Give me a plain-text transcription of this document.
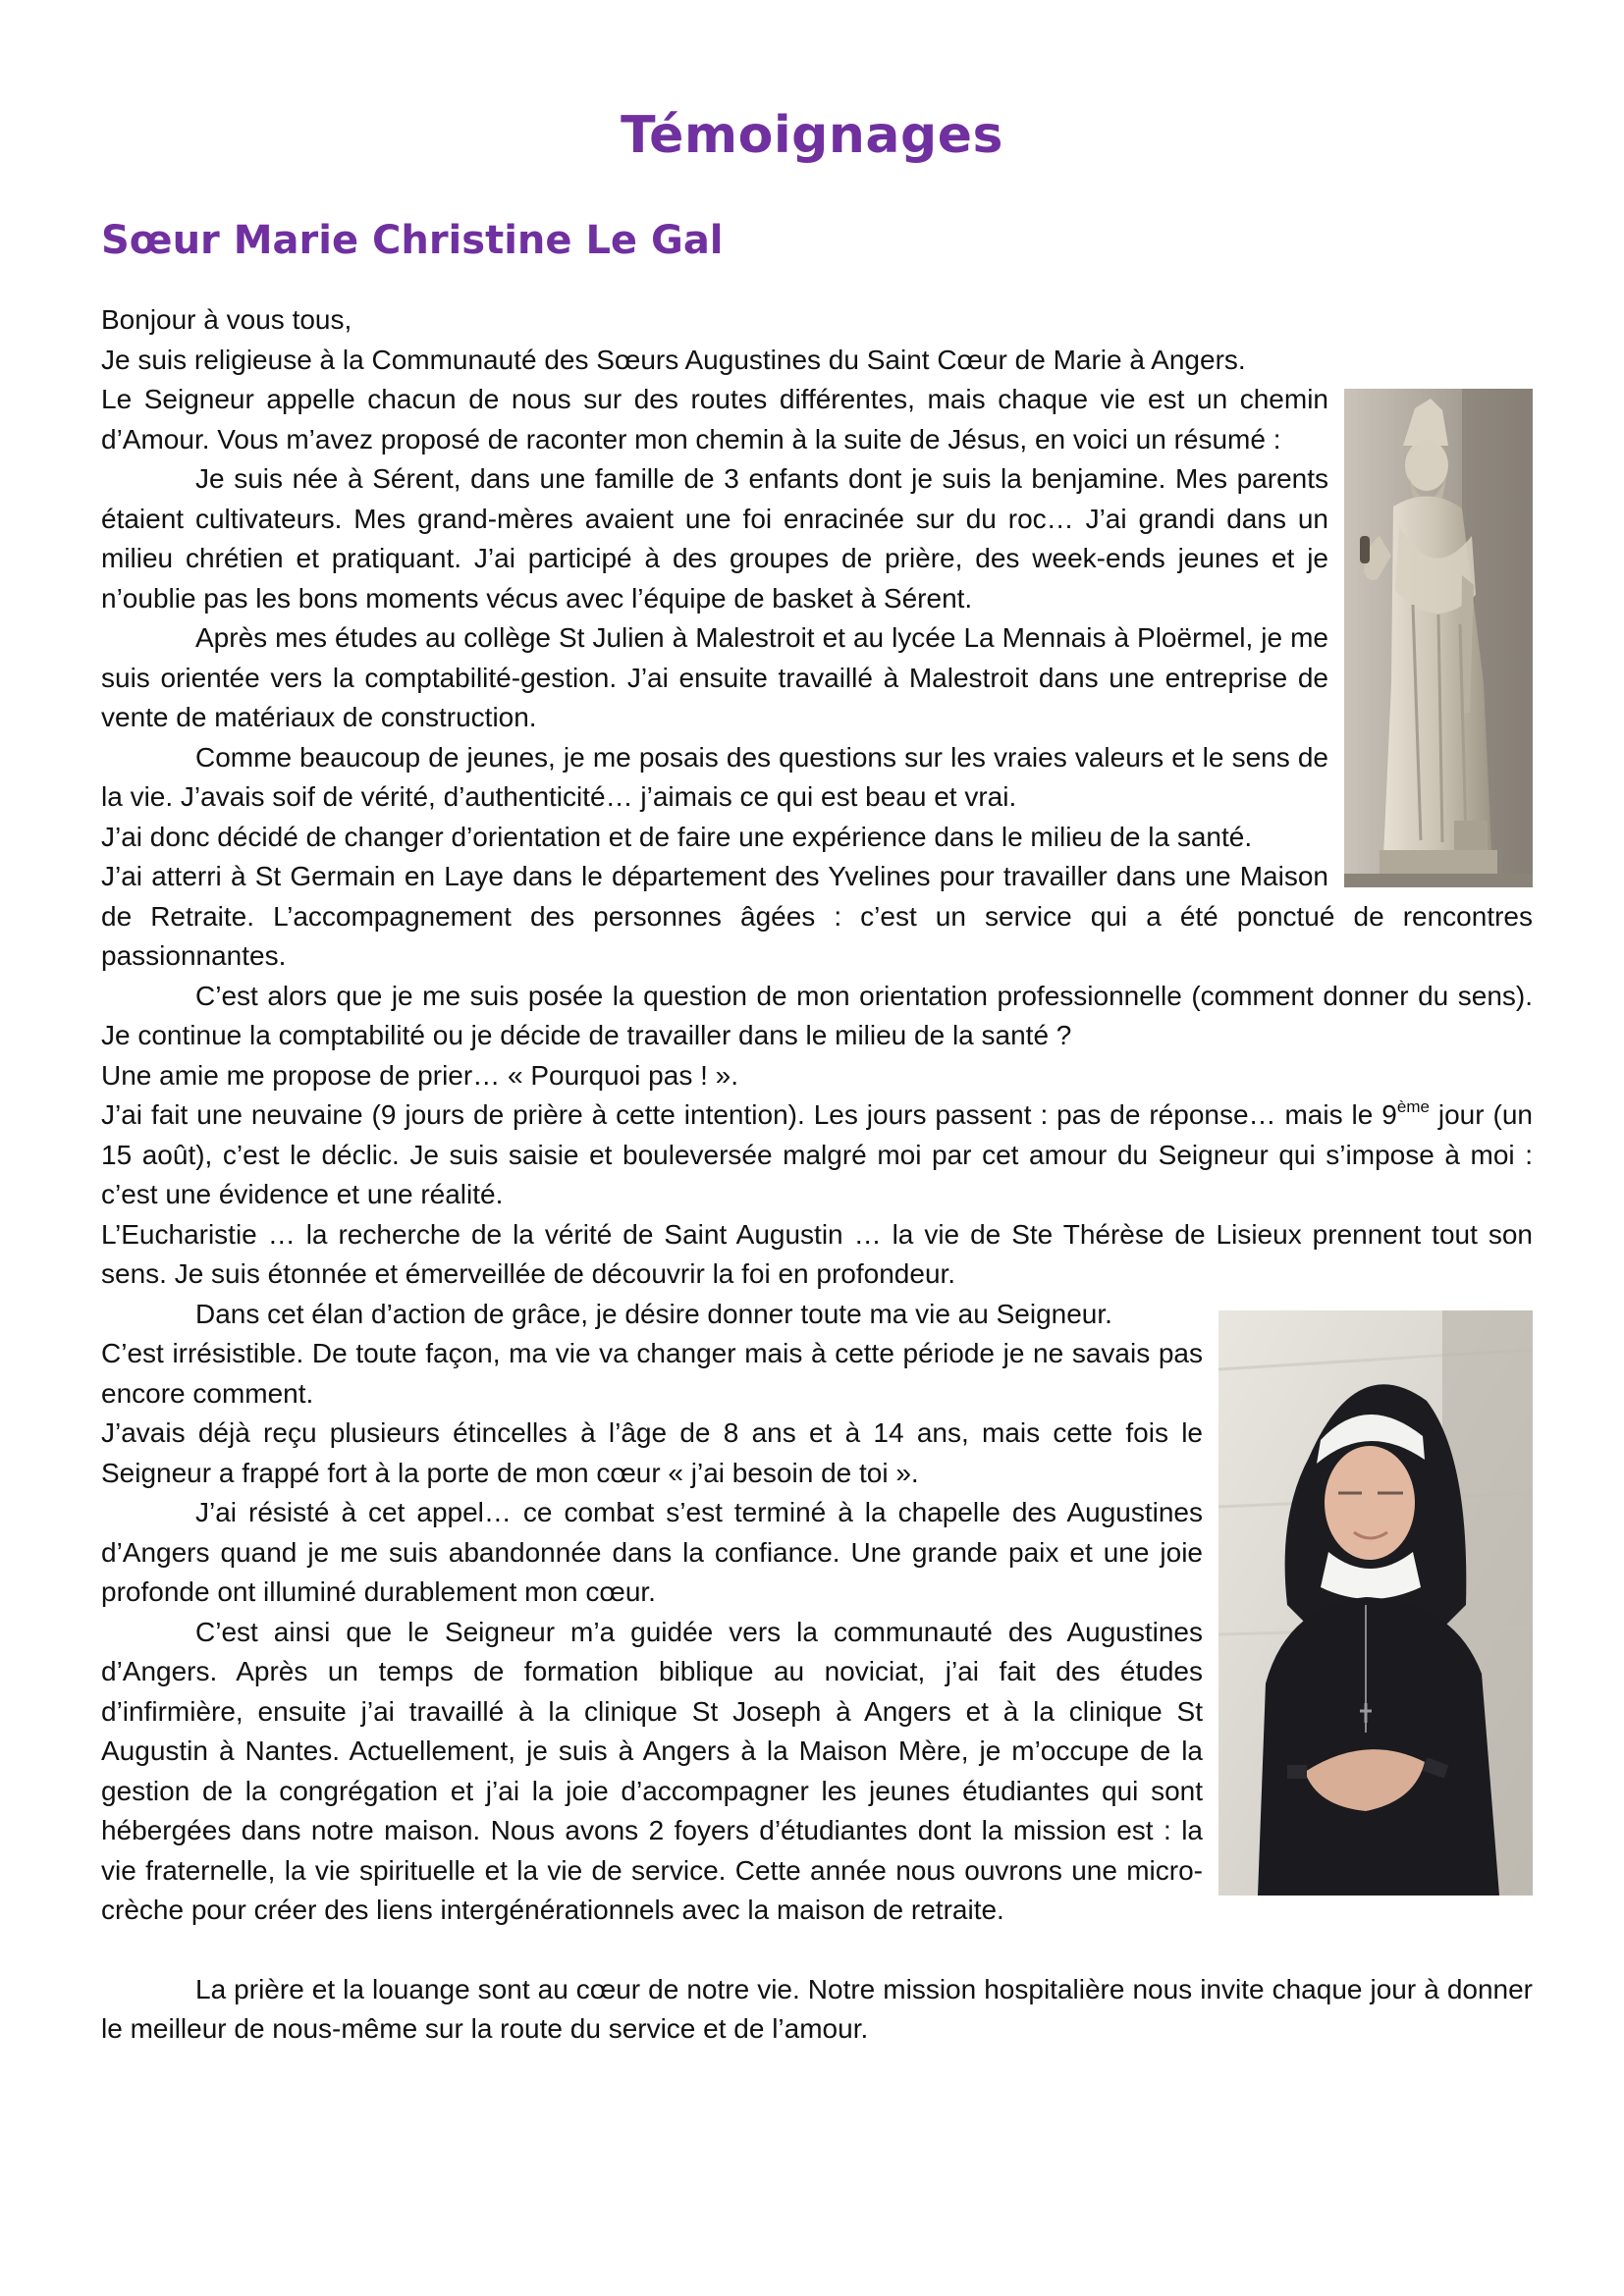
Témoignages
Sœur Marie Christine Le Gal

Bonjour à vous tous,

Je suis religieuse à la Communauté des Sœurs Augustines du Saint Cœur de Marie à Angers.

Le Seigneur appelle chacun de nous sur des routes différentes, mais chaque vie est un chemin d’Amour. Vous m’avez proposé de raconter mon chemin à la suite de Jésus, en voici un résumé :

Je suis née à Sérent, dans une famille de 3 enfants dont je suis la benjamine. Mes parents étaient cultivateurs. Mes grand-mères avaient une foi enracinée sur du roc… J’ai grandi dans un milieu chrétien et pratiquant. J’ai participé à des groupes de prière, des week-ends jeunes et je n’oublie pas les bons moments vécus avec l’équipe de basket à Sérent.

Après mes études au collège St Julien à Malestroit et au lycée La Mennais à Ploërmel, je me suis orientée vers la comptabilité-gestion. J’ai ensuite travaillé à Malestroit dans une entreprise de vente de matériaux de construction.

Comme beaucoup de jeunes, je me posais des questions sur les vraies valeurs et le sens de la vie. J’avais soif de vérité, d’authenticité… j’aimais ce qui est beau et vrai.

J’ai donc décidé de changer d’orientation et de faire une expérience dans le milieu de la santé.

J’ai atterri à St Germain en Laye dans le département des Yvelines pour travailler dans une Maison de Retraite. L’accompagnement des personnes âgées : c’est un service qui a été ponctué de rencontres passionnantes.

C’est alors que je me suis posée la question de mon orientation professionnelle (comment donner du sens). Je continue la comptabilité ou je décide de travailler dans le milieu de la santé ?

Une amie me propose de prier… « Pourquoi pas ! ».

J’ai fait une neuvaine (9 jours de prière à cette intention). Les jours passent : pas de réponse… mais le 9ème jour (un 15 août), c’est le déclic. Je suis saisie et bouleversée malgré moi par cet amour du Seigneur qui s’impose à moi : c’est une évidence et une réalité.

L’Eucharistie … la recherche de la vérité de Saint Augustin … la vie de Ste Thérèse de Lisieux prennent tout son sens. Je suis étonnée et émerveillée de découvrir la foi en profondeur.

Dans cet élan d’action de grâce, je désire donner toute ma vie au Seigneur.

C’est irrésistible. De toute façon, ma vie va changer mais à cette période je ne savais pas encore comment.

J’avais déjà reçu plusieurs étincelles à l’âge de 8 ans et à 14 ans, mais cette fois le Seigneur a frappé fort à la porte de mon cœur « j’ai besoin de toi ».

J’ai résisté à cet appel… ce combat s’est terminé à la chapelle des Augustines d’Angers quand je me suis abandonnée dans la confiance. Une grande paix et une joie profonde ont illuminé durablement mon cœur.

C’est ainsi que le Seigneur m’a guidée vers la communauté des Augustines d’Angers. Après un temps de formation biblique au noviciat, j’ai fait des études d’infirmière, ensuite j’ai travaillé à la clinique St Joseph à Angers et à la clinique St Augustin à Nantes. Actuellement, je suis à Angers à la Maison Mère, je m’occupe de la gestion de la congrégation et j’ai la joie d’accompagner les jeunes étudiantes qui sont hébergées dans notre maison. Nous avons 2 foyers d’étudiantes dont la mission est : la vie fraternelle, la vie spirituelle et la vie de service. Cette année nous ouvrons une micro-crèche pour créer des liens intergénérationnels avec la maison de retraite.

La prière et la louange sont au cœur de notre vie. Notre mission hospitalière nous invite chaque jour à donner le meilleur de nous-même sur la route du service et de l’amour.
